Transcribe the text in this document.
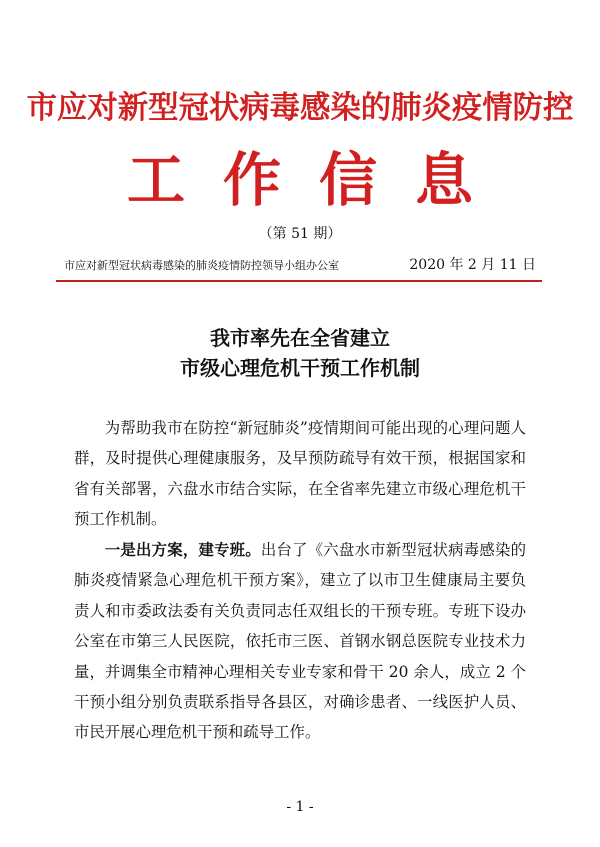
市应对新型冠状病毒感染的肺炎疫情防控
工作信息
（第 51 期）
市应对新型冠状病毒感染的肺炎疫情防控领导小组办公室	2020 年 2 月 11 日
我市率先在全省建立
市级心理危机干预工作机制
为帮助我市在防控“新冠肺炎”疫情期间可能出现的心理问题人群，及时提供心理健康服务，及早预防疏导有效干预，根据国家和省有关部署，六盘水市结合实际，在全省率先建立市级心理危机干预工作机制。
一是出方案，建专班。出台了《六盘水市新型冠状病毒感染的肺炎疫情紧急心理危机干预方案》，建立了以市卫生健康局主要负责人和市委政法委有关负责同志任双组长的干预专班。专班下设办公室在市第三人民医院，依托市三医、首钢水钢总医院专业技术力量，并调集全市精神心理相关专业专家和骨干 20 余人，成立 2 个干预小组分别负责联系指导各县区，对确诊患者、一线医护人员、市民开展心理危机干预和疏导工作。
- 1 -
